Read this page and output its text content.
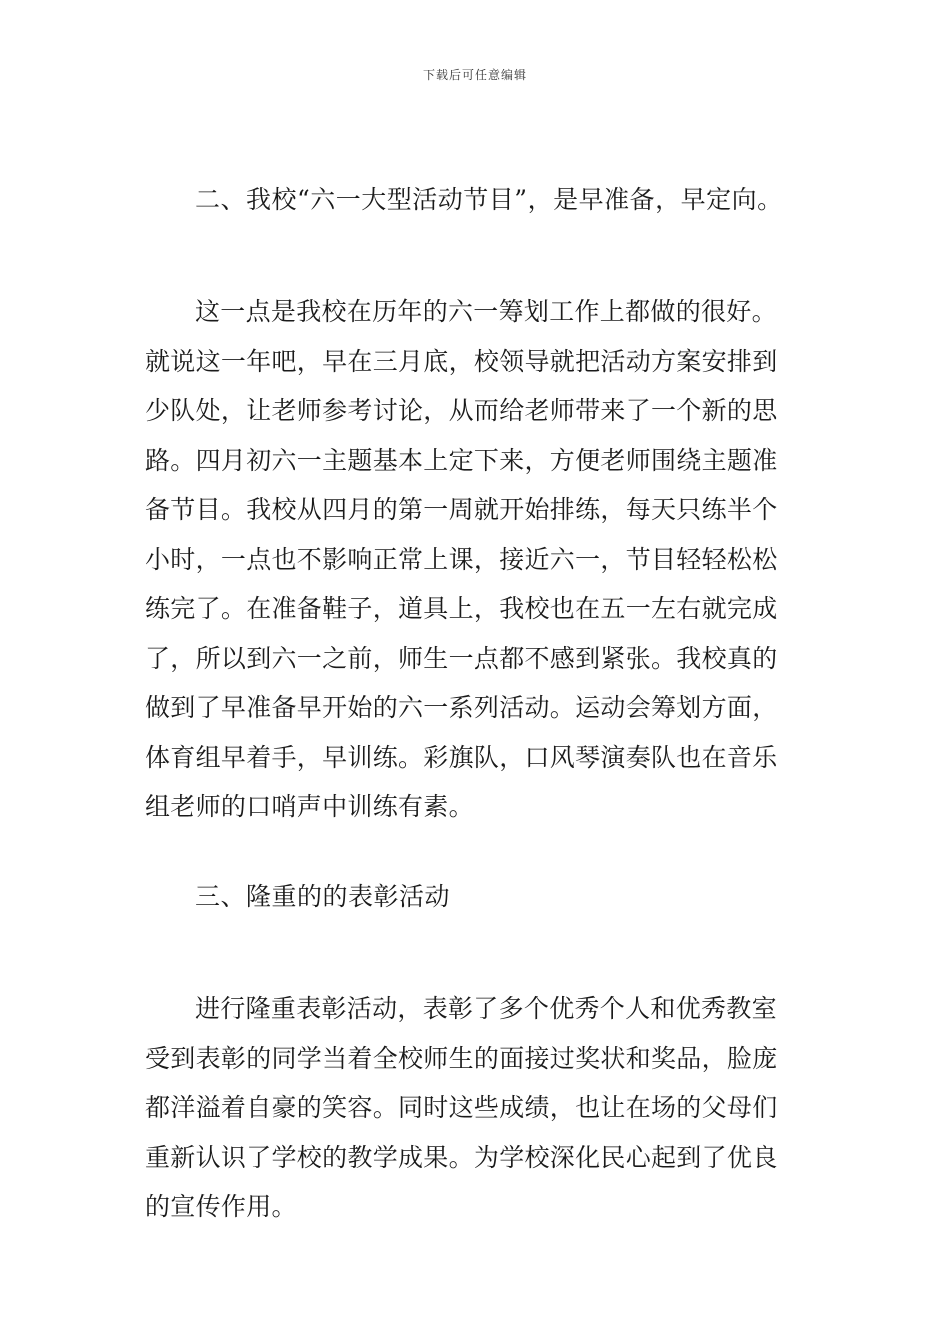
下载后可任意编辑
二、我校“六一大型活动节目”，是早准备，早定向。
这一点是我校在历年的六一筹划工作上都做的很好。
就说这一年吧，早在三月底，校领导就把活动方案安排到
少队处，让老师参考讨论，从而给老师带来了一个新的思
路。四月初六一主题基本上定下来，方便老师围绕主题准
备节目。我校从四月的第一周就开始排练，每天只练半个
小时，一点也不影响正常上课，接近六一，节目轻轻松松
练完了。在准备鞋子，道具上，我校也在五一左右就完成
了，所以到六一之前，师生一点都不感到紧张。我校真的
做到了早准备早开始的六一系列活动。运动会筹划方面，
体育组早着手，早训练。彩旗队，口风琴演奏队也在音乐
组老师的口哨声中训练有素。
三、隆重的的表彰活动
进行隆重表彰活动，表彰了多个优秀个人和优秀教室
受到表彰的同学当着全校师生的面接过奖状和奖品，脸庞
都洋溢着自豪的笑容。同时这些成绩，也让在场的父母们
重新认识了学校的教学成果。为学校深化民心起到了优良
的宣传作用。
